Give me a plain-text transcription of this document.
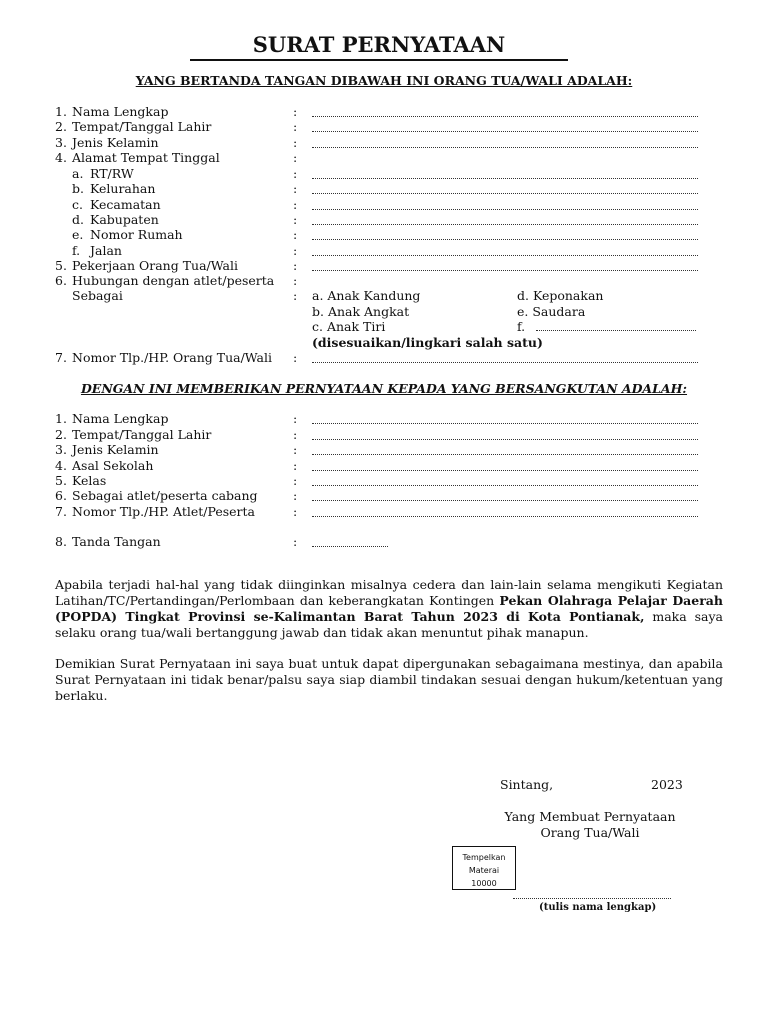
SURAT PERNYATAAN
YANG BERTANDA TANGAN DIBAWAH INI ORANG TUA/WALI ADALAH:
1. Nama Lengkap	:
2. Tempat/Tanggal Lahir	:
3. Jenis Kelamin	:
4. Alamat Tempat Tinggal	:
a. RT/RW	:
b. Kelurahan	:
c. Kecamatan	:
d. Kabupaten	:
e. Nomor Rumah	:
f. Jalan	:
5. Pekerjaan Orang Tua/Wali	:
6. Hubungan dengan atlet/peserta :
Sebagai	: a. Anak Kandung
b. Anak Angkat
c. Anak Tiri
d. Keponakan
e. Saudara
f.
(disesuaikan/lingkari salah satu)
7. Nomor Tlp./HP. Orang Tua/Wali :
DENGAN INI MEMBERIKAN PERNYATAAN KEPADA YANG BERSANGKUTAN ADALAH:
1. Nama Lengkap	:
2. Tempat/Tanggal Lahir	:
3. Jenis Kelamin	:
4. Asal Sekolah	:
5. Kelas	:
6. Sebagai atlet/peserta cabang	:
7. Nomor Tlp./HP. Atlet/Peserta	:
8. Tanda Tangan	:
Apabila terjadi hal-hal yang tidak diinginkan misalnya cedera dan lain-lain selama mengikuti Kegiatan Latihan/TC/Pertandingan/Perlombaan dan keberangkatan Kontingen Pekan Olahraga Pelajar Daerah (POPDA) Tingkat Provinsi se-Kalimantan Barat Tahun 2023 di Kota Pontianak, maka saya selaku orang tua/wali bertanggung jawab dan tidak akan menuntut pihak manapun.
Demikian Surat Pernyataan ini saya buat untuk dapat dipergunakan sebagaimana mestinya, dan apabila Surat Pernyataan ini tidak benar/palsu saya siap diambil tindakan sesuai dengan hukum/ketentuan yang berlaku.
Sintang,	2023
Yang Membuat Pernyataan
Orang Tua/Wali
Tempelkan
Materai
10000
(tulis nama lengkap)
